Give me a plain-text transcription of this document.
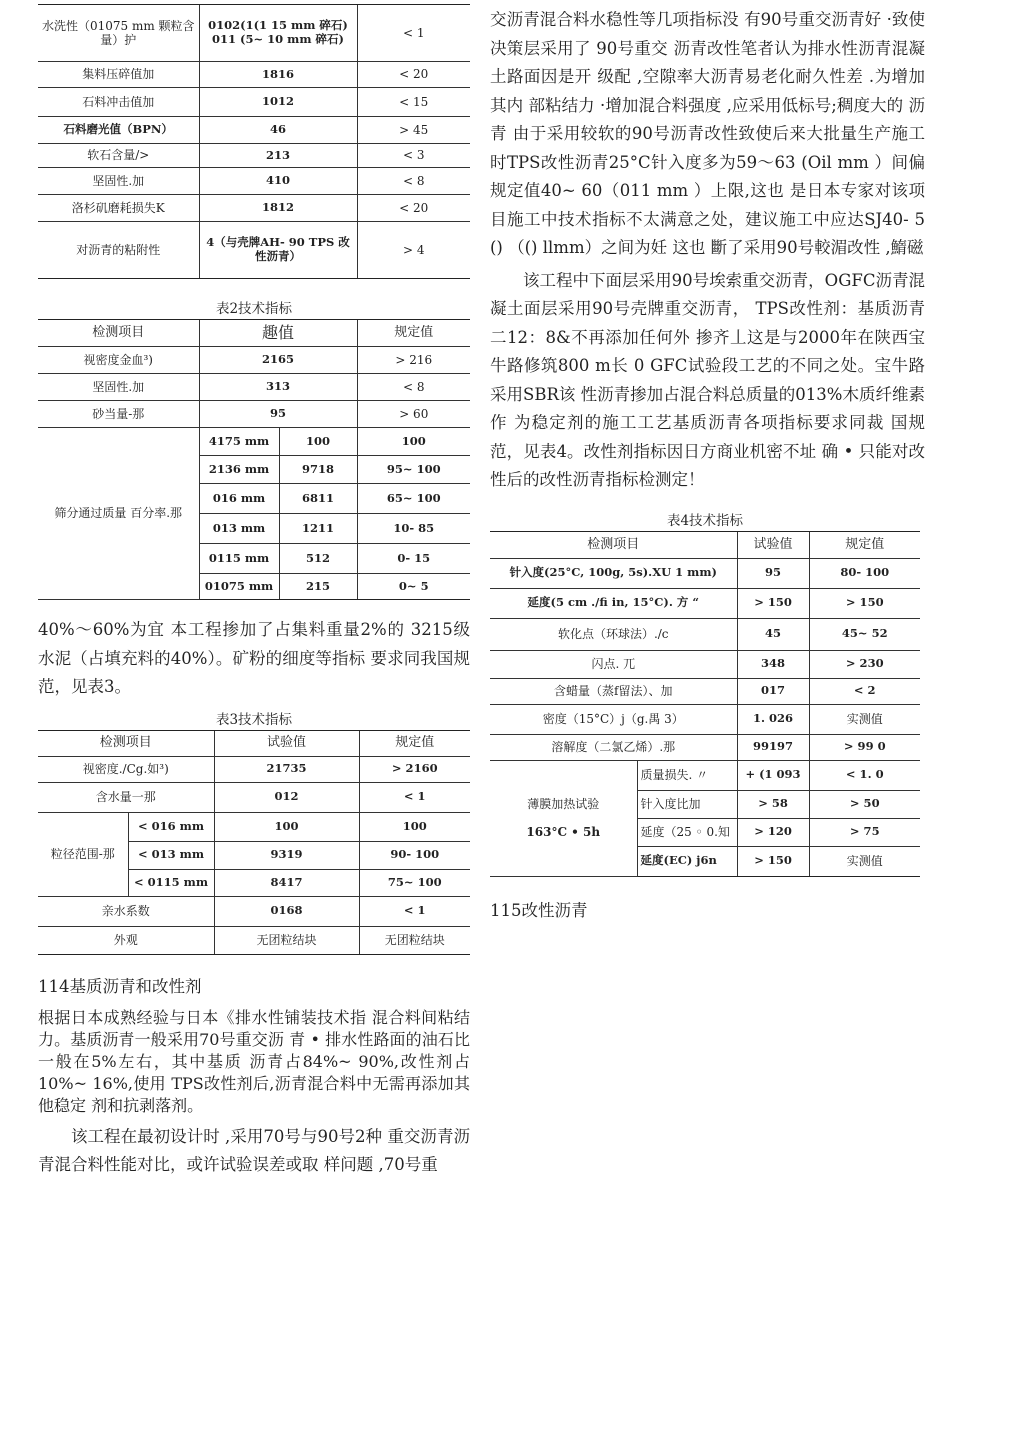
水洗性（01075 mm 颗粒含量）护	0102(1(1 15 mm 碎石) 011 (5~ 10 mm 碎石)	< 1
集料压碎值加	1816	< 20
石料冲击值加	1012	< 15
石料磨光值（BPN）	46	> 45
软石含量/>	213	< 3
坚固性.加	410	< 8
洛杉矶磨耗损失K	1812	< 20
对沥青的粘附性	4（与壳牌AH- 90 TPS 改性沥青）	> 4
表2技术指标
检测项目	趣值		规定值
视密度金血³)	2165		> 216
坚固性.加	313		< 8
砂当量-那	95		> 60
筛分通过质量 百分率.那	4175 mm	100	100
	2136 mm	9718	95~ 100
	016 mm	6811	65~ 100
	013 mm	1211	10- 85
	0115 mm	512	0- 15
	01075 mm	215	0~ 5

40%～60%为宜 本工程掺加了占集料重量2%的 3215级水泥（占填充料的40%）。矿粉的细度等指标 要求同我国规范，见表3。

表3技术指标
检测项目		试验值	规定值
视密度./Cg.如³)		21735	> 2160
含水量一那		012	< 1
粒径范围-那	< 016 mm	100	100
	< 013 mm	9319	90- 100
	< 0115 mm	8417	75~ 100
亲水系数		0168	< 1
外观		无团粒结块	无团粒结块
114基质沥青和改性剂

根据日本成熟经验与日本《排水性铺装技术指 混合料间粘结力。基质沥青一般采用70号重交沥 青 • 排水性路面的油石比一般在5%左右，其中基质 沥青占84%~ 90%,改性剂占10%~ 16%,使用 TPS改性剂后,沥青混合料中无需再添加其他稳定 剂和抗剥落剂。

该工程在最初设计时 ,采用70号与90号2种 重交沥青沥青混合料性能对比，或许试验误差或取 样问题 ,70号重

交沥青混合料水稳性等几项指标没 有90号重交沥青好 ·致使决策层采用了 90号重交 沥青改性笔者认为排水性沥青混凝土路面因是开 级配 ,空隙率大沥青易老化耐久性差 .为增加其内 部粘结力 ·增加混合料强度 ,应采用低标号;稠度大的 沥青 由于采用较软的90号沥青改性致使后来大批量生产施工时TPS改性沥青25°C针入度多为59～63 (Oil mm ）间偏规定值40~ 60（011 mm ）上限,这也 是日本专家对该项目施工中技术指标不太满意之处，建议施工中应达SJ40- 5 () （() llmm）之间为妊 这也 斷了采用90号較湄改性 ,鰖磁

该工程中下面层采用90号埃索重交沥青，OGFC沥青混凝土面层采用90号壳牌重交沥青， TPS改性剂：基质沥青二12：8&不再添加任何外 掺齐丄这是与2000年在陕西宝牛路修筑800 m长 0 GFC试验段工艺的不同之处。宝牛路采用SBR该 性沥青掺加占混合料总质量的013%木质纤维素作 为稳定剂的施工工艺基质沥青各项指标要求同裁 国规范，见表4。改性剂指标因日方商业机密不址 确 • 只能对改性后的改性沥青指标检测定！

表4技术指标
检测项目		试验值	规定值
针入度(25°C, 100g, 5s).XU 1 mm)		95	80- 100
延度(5 cm ./fi in, 15°C). 方 “		> 150	> 150
软化点（环球法）./c		45	45~ 52
闪点. 兀		348	> 230
含蜡量（蒸f留法）、加		017	< 2
密度（15°C）j（g.禺 3）		1. 026	实测值
溶解度（二氯乙烯）.那		99197	> 99 0

薄膜加热试验
163°C • 5h	质量损失. 〃	+ (1 093	< 1. 0
	针入度比加	> 58	> 50
	延度（25 ◦ 0.知	> 120	> 75
	延度(EC) j6n	> 150	实测值
115改性沥青
